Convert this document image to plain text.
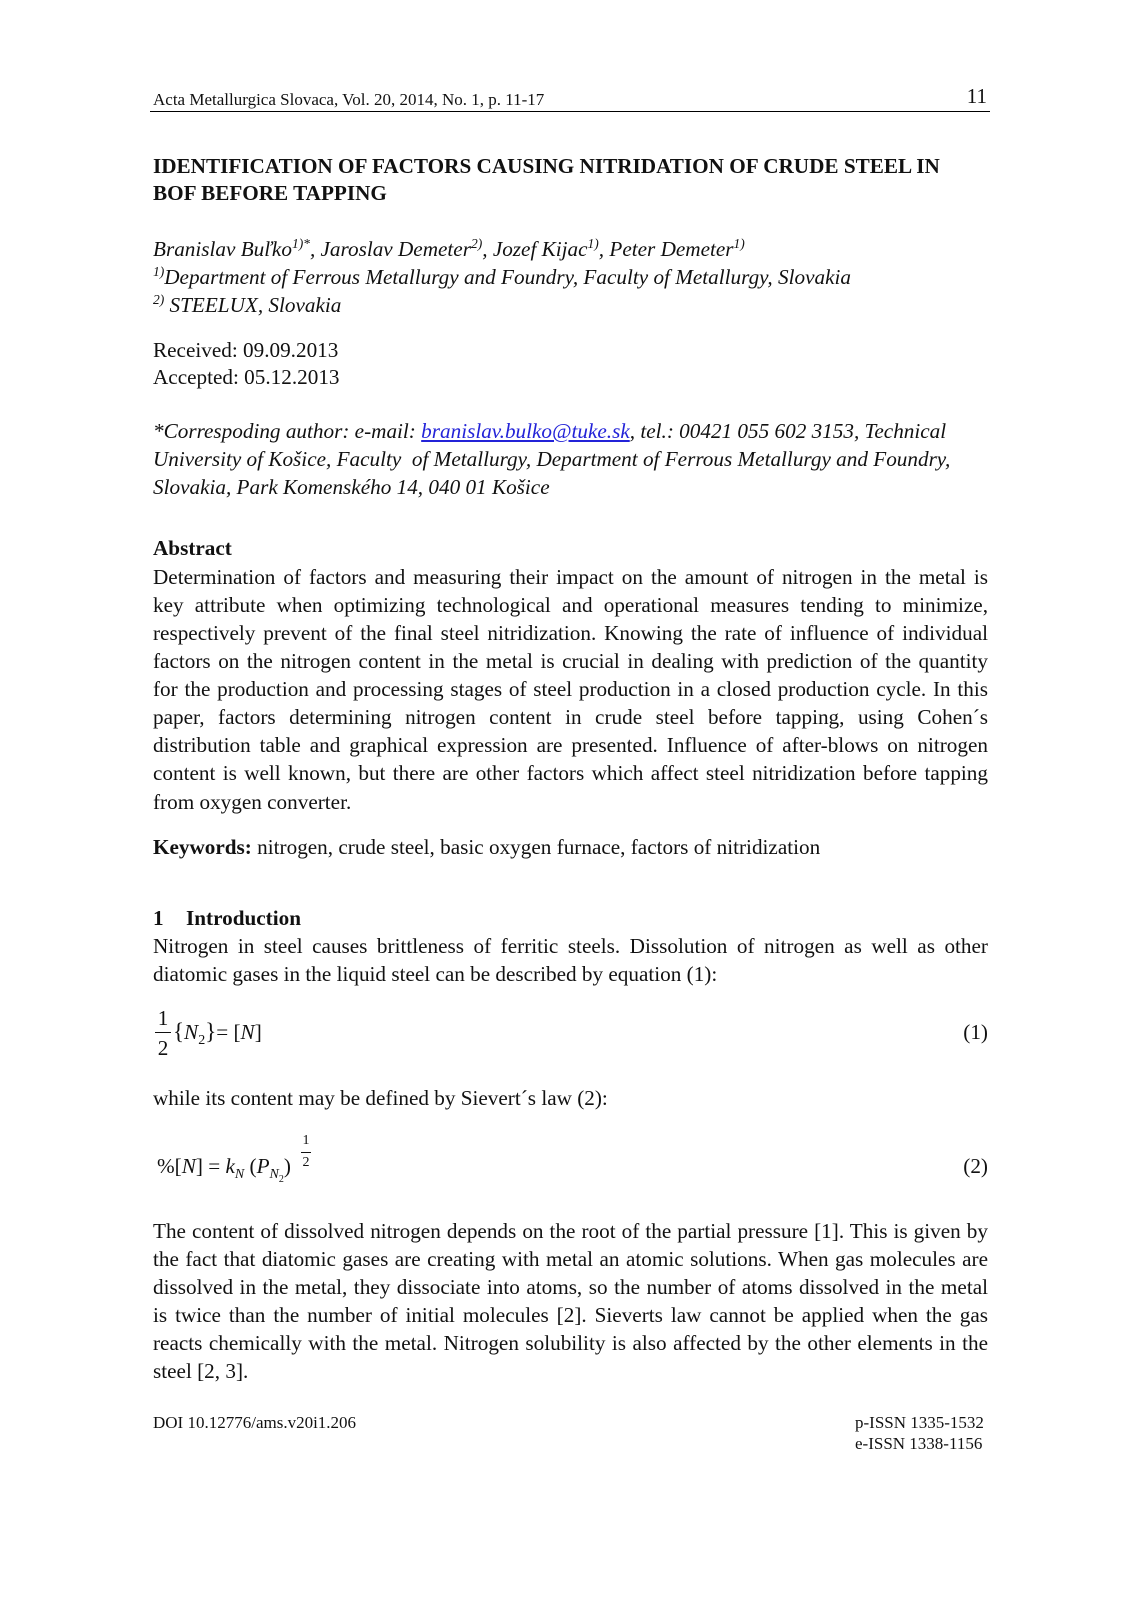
Acta Metallurgica Slovaca, Vol. 20, 2014, No. 1, p. 11-17	11
IDENTIFICATION OF FACTORS CAUSING NITRIDATION OF CRUDE STEEL IN
BOF BEFORE TAPPING
Branislav Buľko$^{1)*}$, Jaroslav Demeter$^{2)}$, Jozef Kijac$^{1)}$, Peter Demeter$^{1)}$
$^{1)}$Department of Ferrous Metallurgy and Foundry, Faculty of Metallurgy, Slovakia
$^{2)}$ STEELUX, Slovakia
Received: 09.09.2013
Accepted: 05.12.2013
*Correspoding author: e-mail: branislav.bulko@tuke.sk, tel.: 00421 055 602 3153, Technical
University of Košice, Faculty  of Metallurgy, Department of Ferrous Metallurgy and Foundry,
Slovakia, Park Komenského 14, 040 01 Košice
Abstract
Determination of factors and measuring their impact on the amount of nitrogen in the metal is
key attribute when optimizing technological and operational measures tending to minimize,
respectively prevent of the final steel nitridization. Knowing the rate of influence of individual
factors on the nitrogen content in the metal is crucial in dealing with prediction of the quantity
for the production and processing stages of steel production in a closed production cycle. In this
paper, factors determining nitrogen content in crude steel before tapping, using Cohen´s
distribution table and graphical expression are presented. Influence of after-blows on nitrogen
content is well known, but there are other factors which affect steel nitridization before tapping
from oxygen converter.
Keywords: nitrogen, crude steel, basic oxygen furnace, factors of nitridization
1 Introduction
Nitrogen in steel causes brittleness of ferritic steels. Dissolution of nitrogen as well as other
diatomic gases in the liquid steel can be described by equation (1):
1
2
$\{N_2\}= [N]$	(1)
while its content may be defined by Sievert´s law (2):
$\%[N] = k_N$ $(P_{N2})$
1
2	(2)
The content of dissolved nitrogen depends on the root of the partial pressure [1]. This is given by
the fact that diatomic gases are creating with metal an atomic solutions. When gas molecules are
dissolved in the metal, they dissociate into atoms, so the number of atoms dissolved in the metal
is twice than the number of initial molecules [2]. Sieverts law cannot be applied when the gas
reacts chemically with the metal. Nitrogen solubility is also affected by the other elements in the
steel [2, 3].
DOI 10.12776/ams.v20i1.206	p-ISSN 1335-1532
e-ISSN 1338-1156
